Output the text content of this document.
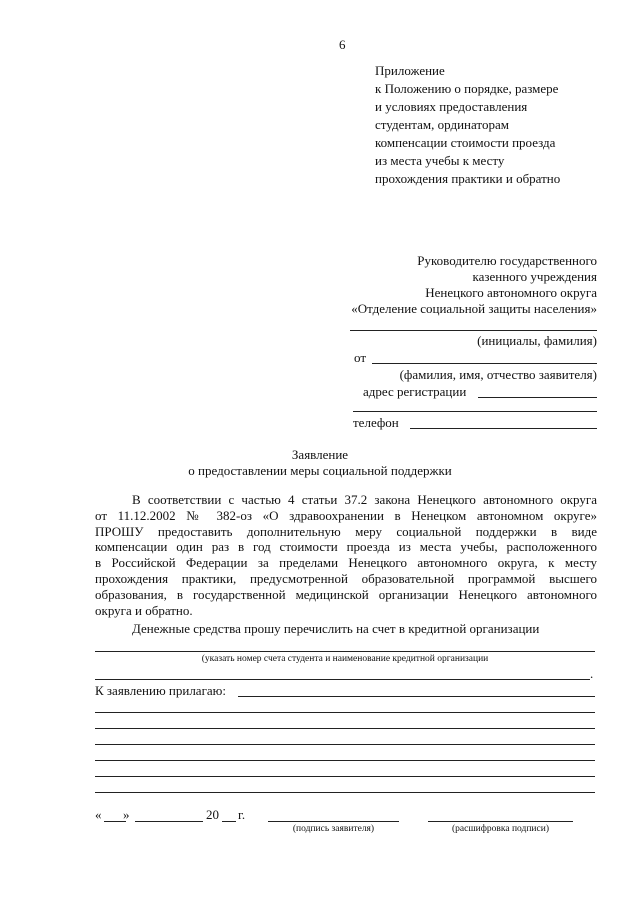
6
Приложение
к Положению о порядке, размере
и условиях предоставления
студентам, ординаторам
компенсации стоимости проезда
из места учебы к месту
прохождения практики и обратно
Руководителю государственного
казенного учреждения
Ненецкого автономного округа
«Отделение социальной защиты населения»
(инициалы, фамилия)
от
(фамилия, имя, отчество заявителя)
адрес регистрации
телефон
Заявление
о предоставлении меры социальной поддержки
В соответствии с частью 4 статьи 37.2 закона Ненецкого автономного округа
от 11.12.2002 № 382-оз «О здравоохранении в Ненецком автономном округе»
ПРОШУ предоставить дополнительную меру социальной поддержки в виде
компенсации один раз в год стоимости проезда из места учебы, расположенного
в Российской Федерации за пределами Ненецкого автономного округа, к месту
прохождения практики, предусмотренной образовательной программой высшего
образования, в государственной медицинской организации Ненецкого автономного
округа и обратно.
Денежные средства прошу перечислить на счет в кредитной организации
(указать номер счета студента и наименование кредитной организации
.
К заявлению прилагаю:
« »	20 г.
(подпись заявителя)	(расшифровка подписи)
